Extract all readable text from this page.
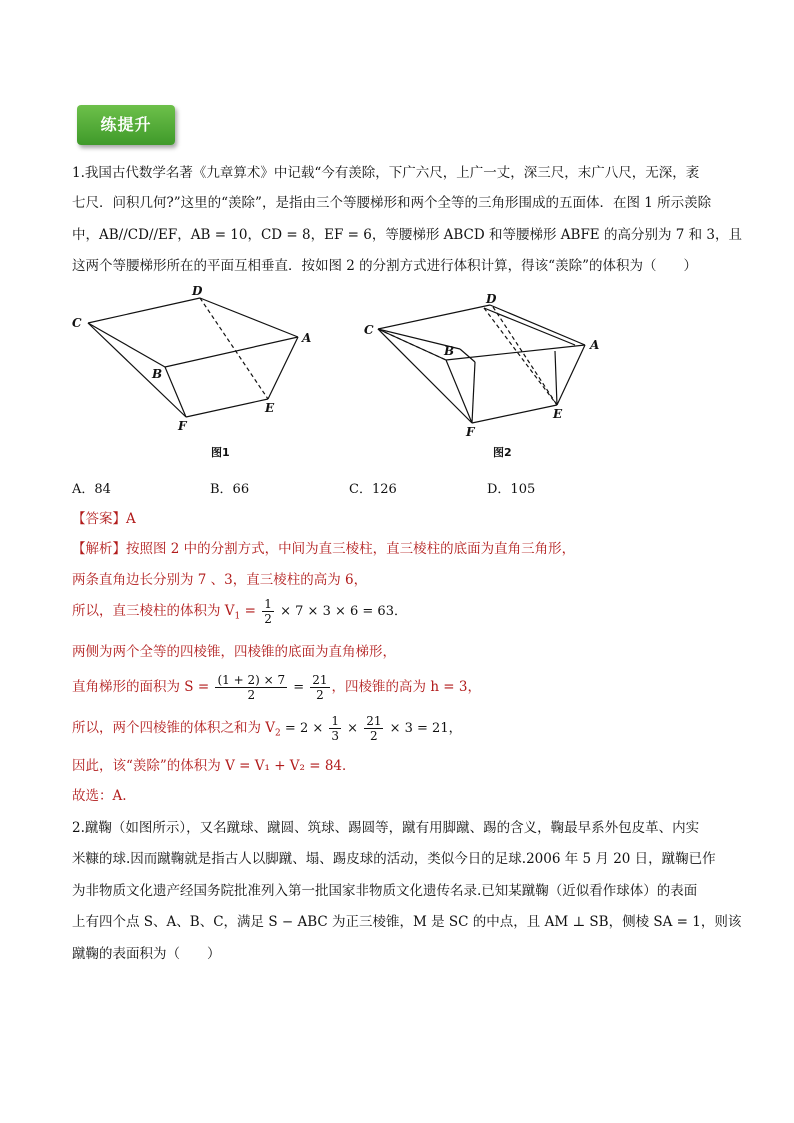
练提升
1.我国古代数学名著《九章算术》中记载“今有羡除，下广六尺，上广一丈，深三尺，末广八尺，无深，袤
七尺．问积几何?”这里的“羡除”，是指由三个等腰梯形和两个全等的三角形围成的五面体．在图 1 所示羡除
中，AB//CD//EF，AB = 10，CD = 8，EF = 6，等腰梯形 ABCD 和等腰梯形 ABFE 的高分别为 7 和 3，且
这两个等腰梯形所在的平面互相垂直．按如图 2 的分割方式进行体积计算，得该“羡除”的体积为（　　）
C
D
A
B
E
F
图1
C
D
A
B
E
F
图2
A．84	B．66	C．126	D．105
【答案】A
【解析】按照图 2 中的分割方式，中间为直三棱柱，直三棱柱的底面为直角三角形，
两条直角边长分别为 7 、3，直三棱柱的高为 6，
所以，直三棱柱的体积为 $V_1 = \frac{1}{2} \times 7 \times 3 \times 6 = 63$．
两侧为两个全等的四棱锥，四棱锥的底面为直角梯形，
直角梯形的面积为 $S = \frac{(1 + 2) \times 7}{2} = \frac{21}{2}$ ，四棱锥的高为 h = 3，
所以，两个四棱锥的体积之和为 $V_2 = 2 \times \frac{1}{3} \times \frac{21}{2} \times 3 = 21$，
因此，该“羡除”的体积为 V = V₁ + V₂ = 84．
故选：A.
2.蹴鞠（如图所示），又名蹴球、蹴圆、筑球、踢圆等，蹴有用脚蹴、踢的含义，鞠最早系外包皮革、内实
米糠的球.因而蹴鞠就是指古人以脚蹴、塌、踢皮球的活动，类似今日的足球.2006 年 5 月 20 日，蹴鞠已作
为非物质文化遗产经国务院批准列入第一批国家非物质文化遗传名录.已知某蹴鞠（近似看作球体）的表面
上有四个点 S、A、B、C，满足 S − ABC 为正三棱锥，M 是 SC 的中点，且 AM ⊥ SB，侧棱 SA = 1，则该
蹴鞠的表面积为（　　）
